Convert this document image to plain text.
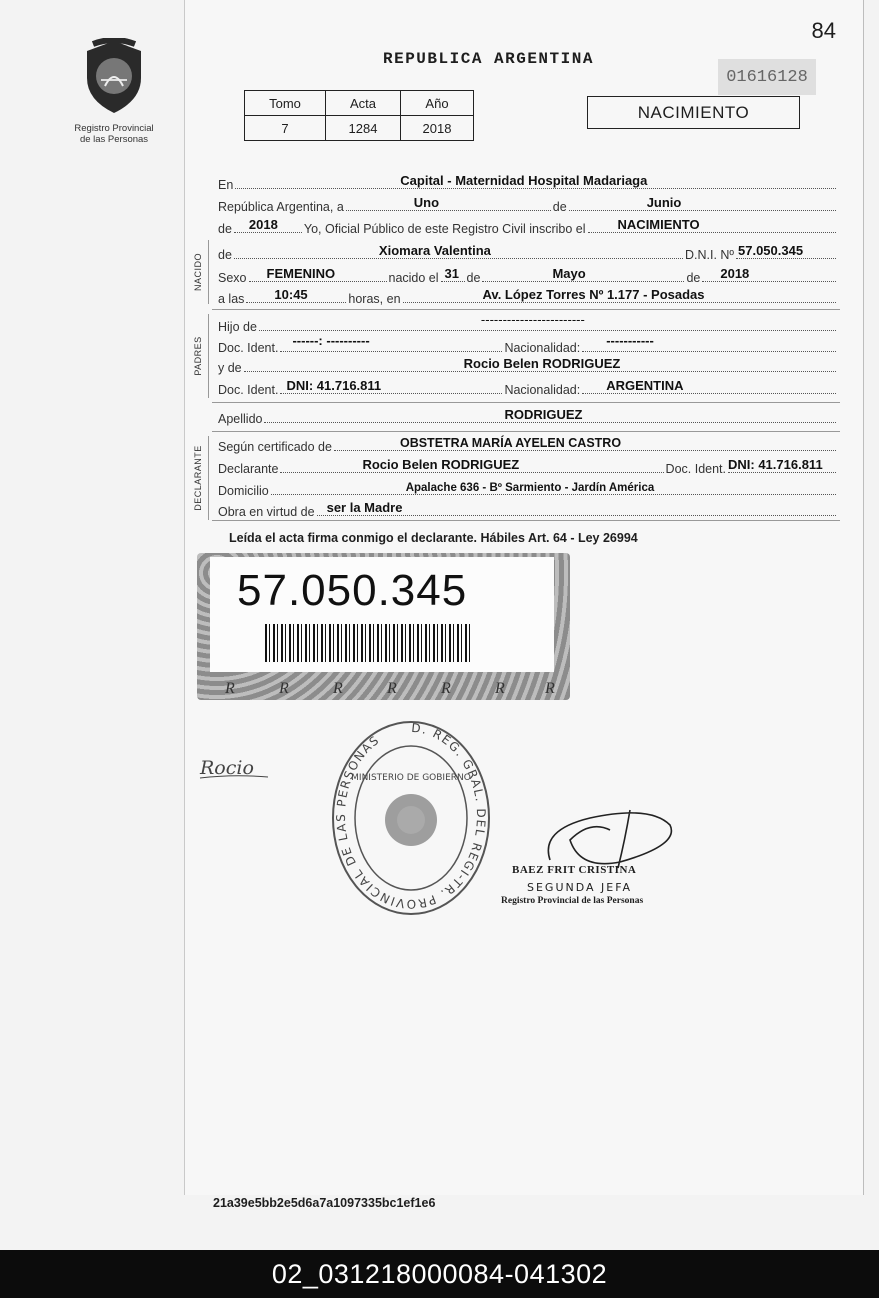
Registro Provincial
de las Personas
84
REPUBLICA ARGENTINA
01616128
Tomo	Acta	Año
7	1284	2018
NACIMIENTO
En	Capital - Maternidad Hospital Madariaga
República Argentina, a	Uno	de	Junio
de 2018 Yo, Oficial Público de este Registro Civil inscribo el NACIMIENTO
NACIDO de	Xiomara Valentina	D.N.I. Nº 57.050.345
Sexo FEMENINO	nacido el 31 de	Mayo	de 2018
a las 10:45	horas, en	Av. López Torres Nº 1.177 - Posadas
PADRES
Hijo de	------------------------
Doc. Ident. ------: ----------	Nacionalidad: -----------
y de	Rocio Belen RODRIGUEZ
Doc. Ident. DNI: 41.716.811	Nacionalidad: ARGENTINA
Apellido	RODRIGUEZ
DECLARANTE Según certificado de	OBSTETRA MARÍA AYELEN CASTRO
Declarante	Rocio Belen RODRIGUEZ	Doc. Ident. DNI: 41.716.811
Domicilio	Apalache 636 - Bº Sarmiento - Jardín América
Obra en virtud de ser la Madre
Leída el acta firma conmigo el declarante. Hábiles Art. 64 - Ley 26994
57.050.345
R	R	R	R	R	R	R
Rocio
D. REG. GRAL. DEL REGI-TR. PROVINCIAL DE LAS PERSONAS
MINISTERIO DE GOBIERNO
BAEZ FRIT CRISTINA
SEGUNDA JEFA
Registro Provincial de las Personas
21a39e5bb2e5d6a7a1097335bc1ef1e6
02_031218000084-041302
